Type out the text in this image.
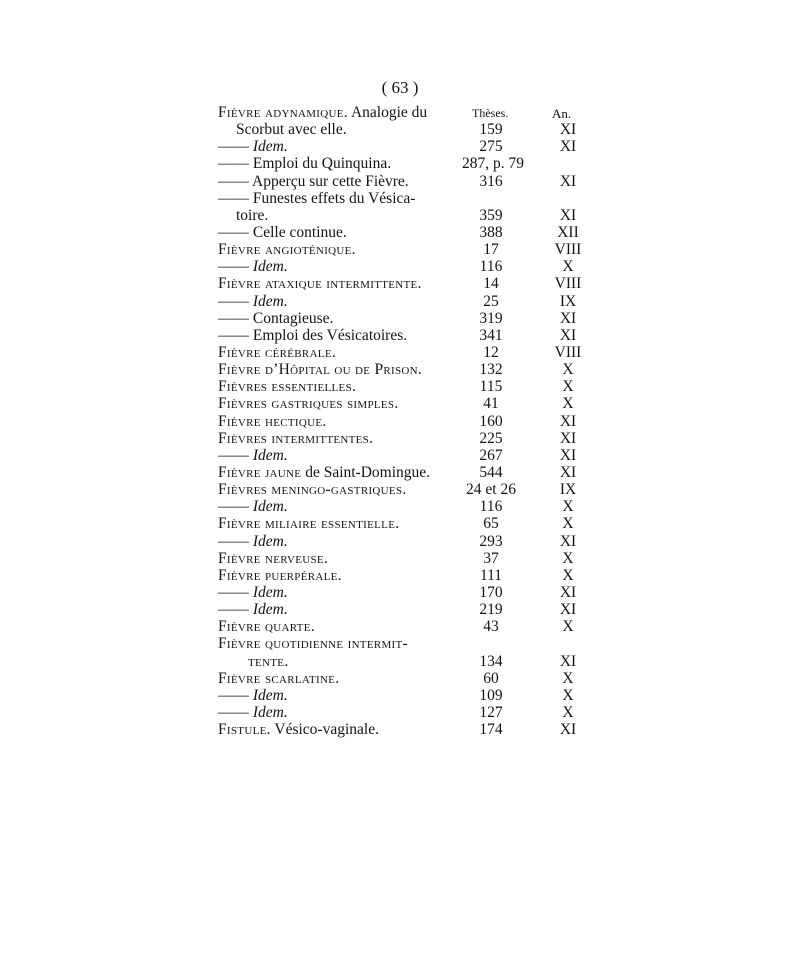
( 63 )
Thèses.	An.
Fièvre adynamique. Analogie du
Scorbut avec elle.	159	XI
—— Idem.	275	XI
—— Emploi du Quinquina.	287, p. 79
—— Apperçu sur cette Fièvre.	316	XI
—— Funestes effets du Vésica-
toire.	359	XI
—— Celle continue.	388	XII
Fièvre angioténique.	17	VIII
—— Idem.	116	X
Fièvre ataxique intermittente.	14	VIII
—— Idem.	25	IX
—— Contagieuse.	319	XI
—— Emploi des Vésicatoires.	341	XI
Fièvre cérébrale.	12	VIII
Fièvre d’Hôpital ou de Prison.	132	X
Fièvres essentielles.	115	X
Fièvres gastriques simples.	41	X
Fièvre hectique.	160	XI
Fièvres intermittentes.	225	XI
—— Idem.	267	XI
Fièvre jaune de Saint-Domingue.	544	XI
Fièvres meningo-gastriques.	24 et 26	IX
—— Idem.	116	X
Fièvre miliaire essentielle.	65	X
—— Idem.	293	XI
Fièvre nerveuse.	37	X
Fièvre puerpérale.	111	X
—— Idem.	170	XI
—— Idem.	219	XI
Fièvre quarte.	43	X
Fièvre quotidienne intermit-
tente.	134	XI
Fièvre scarlatine.	60	X
—— Idem.	109	X
—— Idem.	127	X
Fistule. Vésico-vaginale.	174	XI
